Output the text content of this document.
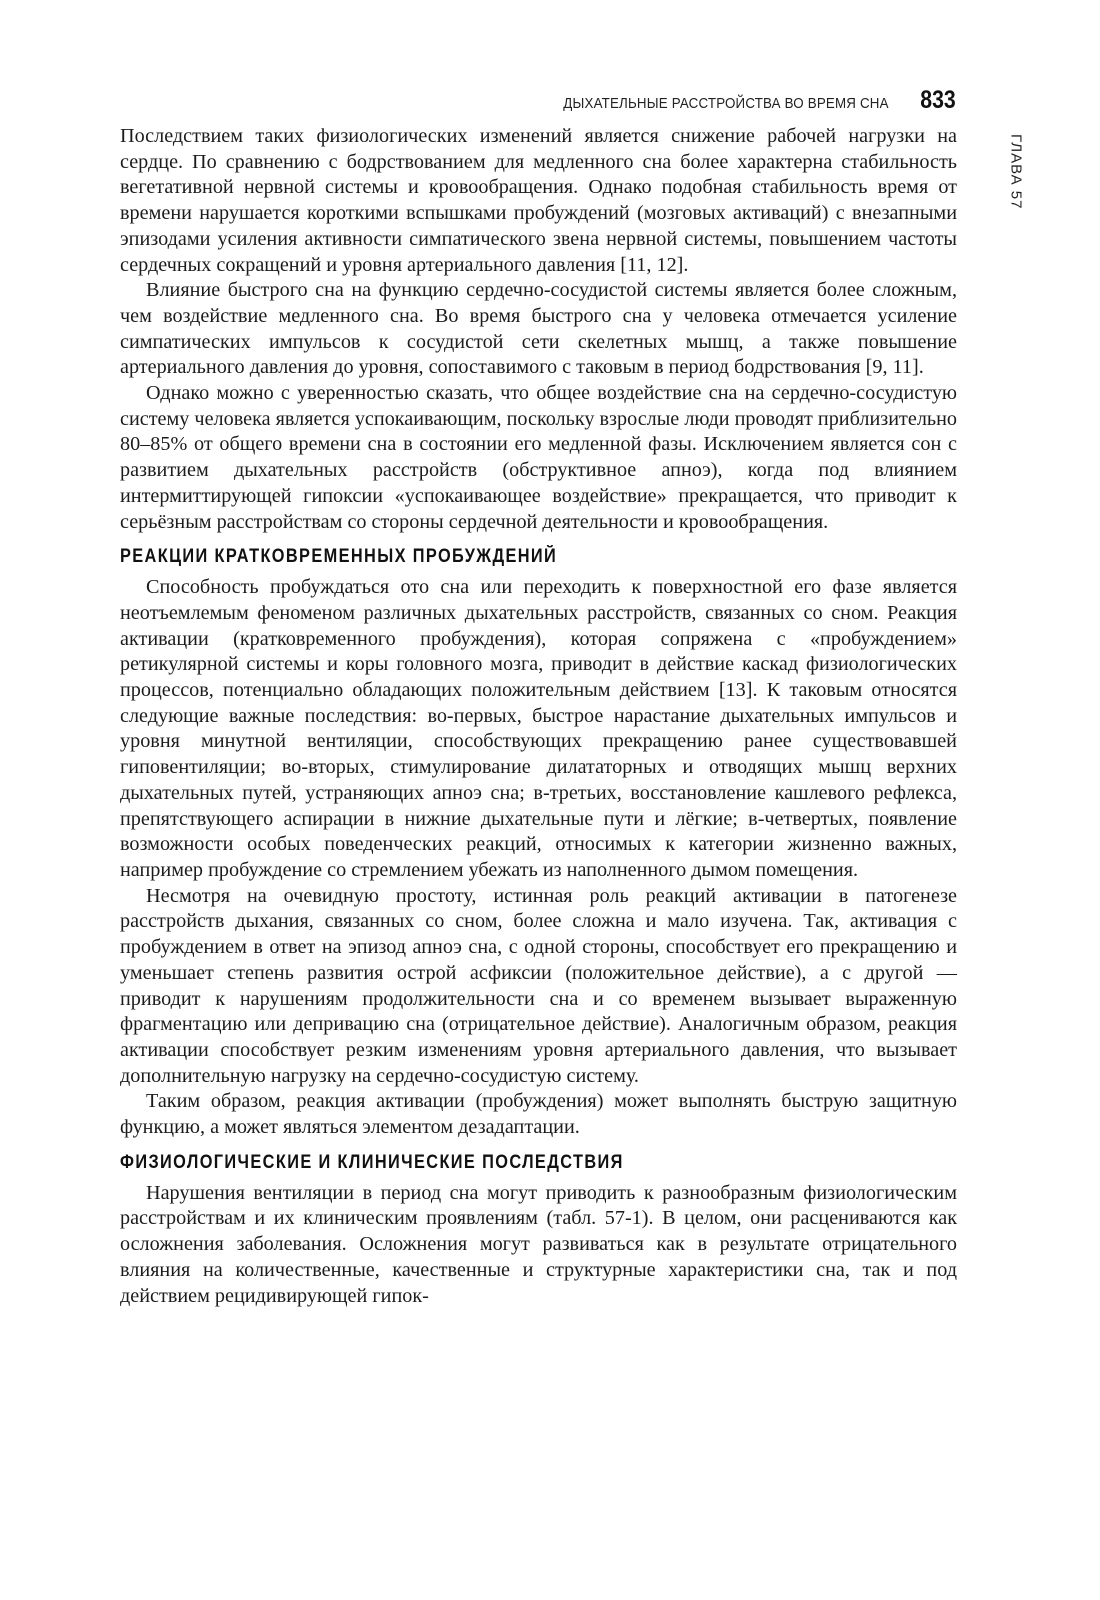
ДЫХАТЕЛЬНЫЕ РАССТРОЙСТВА ВО ВРЕМЯ СНА 833
ГЛАВА 57

Последствием таких физиологических изменений является снижение рабочей нагрузки на сердце. По сравнению с бодрствованием для медленного сна более характерна стабильность вегетативной нервной системы и кровообращения. Однако подобная стабильность время от времени нарушается короткими вспышками пробуждений (мозговых активаций) с внезапными эпизодами усиления активности симпатического звена нервной системы, повышением частоты сердечных сокращений и уровня артериального давления [11, 12].

Влияние быстрого сна на функцию сердечно-сосудистой системы является более сложным, чем воздействие медленного сна. Во время быстрого сна у человека отмечается усиление симпатических импульсов к сосудистой сети скелетных мышц, а также повышение артериального давления до уровня, сопоставимого с таковым в период бодрствования [9, 11].

Однако можно с уверенностью сказать, что общее воздействие сна на сердечно-сосудистую систему человека является успокаивающим, поскольку взрослые люди проводят приблизительно 80–85% от общего времени сна в состоянии его медленной фазы. Исключением является сон с развитием дыхательных расстройств (обструктивное апноэ), когда под влиянием интермиттирующей гипоксии «успокаивающее воздействие» прекращается, что приводит к серьёзным расстройствам со стороны сердечной деятельности и кровообращения.

РЕАКЦИИ КРАТКОВРЕМЕННЫХ ПРОБУЖДЕНИЙ

Способность пробуждаться ото сна или переходить к поверхностной его фазе является неотъемлемым феноменом различных дыхательных расстройств, связанных со сном. Реакция активации (кратковременного пробуждения), которая сопряжена с «пробуждением» ретикулярной системы и коры головного мозга, приводит в действие каскад физиологических процессов, потенциально обладающих положительным действием [13]. К таковым относятся следующие важные последствия: во-первых, быстрое нарастание дыхательных импульсов и уровня минутной вентиляции, способствующих прекращению ранее существовавшей гиповентиляции; во-вторых, стимулирование дилататорных и отводящих мышц верхних дыхательных путей, устраняющих апноэ сна; в-третьих, восстановление кашлевого рефлекса, препятствующего аспирации в нижние дыхательные пути и лёгкие; в-четвертых, появление возможности особых поведенческих реакций, относимых к категории жизненно важных, например пробуждение со стремлением убежать из наполненного дымом помещения.

Несмотря на очевидную простоту, истинная роль реакций активации в патогенезе расстройств дыхания, связанных со сном, более сложна и мало изучена. Так, активация с пробуждением в ответ на эпизод апноэ сна, с одной стороны, способствует его прекращению и уменьшает степень развития острой асфиксии (положительное действие), а с другой — приводит к нарушениям продолжительности сна и со временем вызывает выраженную фрагментацию или депривацию сна (отрицательное действие). Аналогичным образом, реакция активации способствует резким изменениям уровня артериального давления, что вызывает дополнительную нагрузку на сердечно-сосудистую систему.

Таким образом, реакция активации (пробуждения) может выполнять быструю защитную функцию, а может являться элементом дезадаптации.

ФИЗИОЛОГИЧЕСКИЕ И КЛИНИЧЕСКИЕ ПОСЛЕДСТВИЯ

Нарушения вентиляции в период сна могут приводить к разнообразным физиологическим расстройствам и их клиническим проявлениям (табл. 57-1). В целом, они расцениваются как осложнения заболевания. Осложнения могут развиваться как в результате отрицательного влияния на количественные, качественные и структурные характеристики сна, так и под действием рецидивирующей гипок-
